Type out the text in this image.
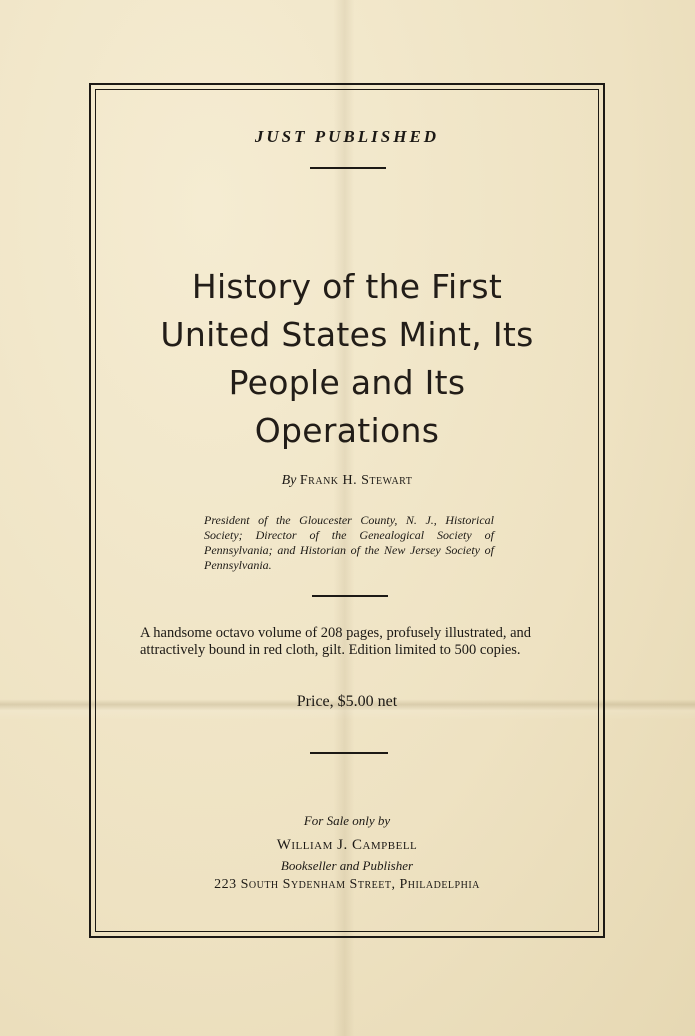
JUST PUBLISHED
History of the First
United States Mint, Its
People and Its
Operations
By Frank H. Stewart
President of the Gloucester County, N. J., Historical Society; Director of the Genealogical Society of Pennsylvania; and Historian of the New Jersey Society of Pennsylvania.
A handsome octavo volume of 208 pages, profusely illustrated, and attractively bound in red cloth, gilt. Edition limited to 500 copies.
Price, $5.00 net
For Sale only by
William J. Campbell
Bookseller and Publisher
223 South Sydenham Street, Philadelphia
